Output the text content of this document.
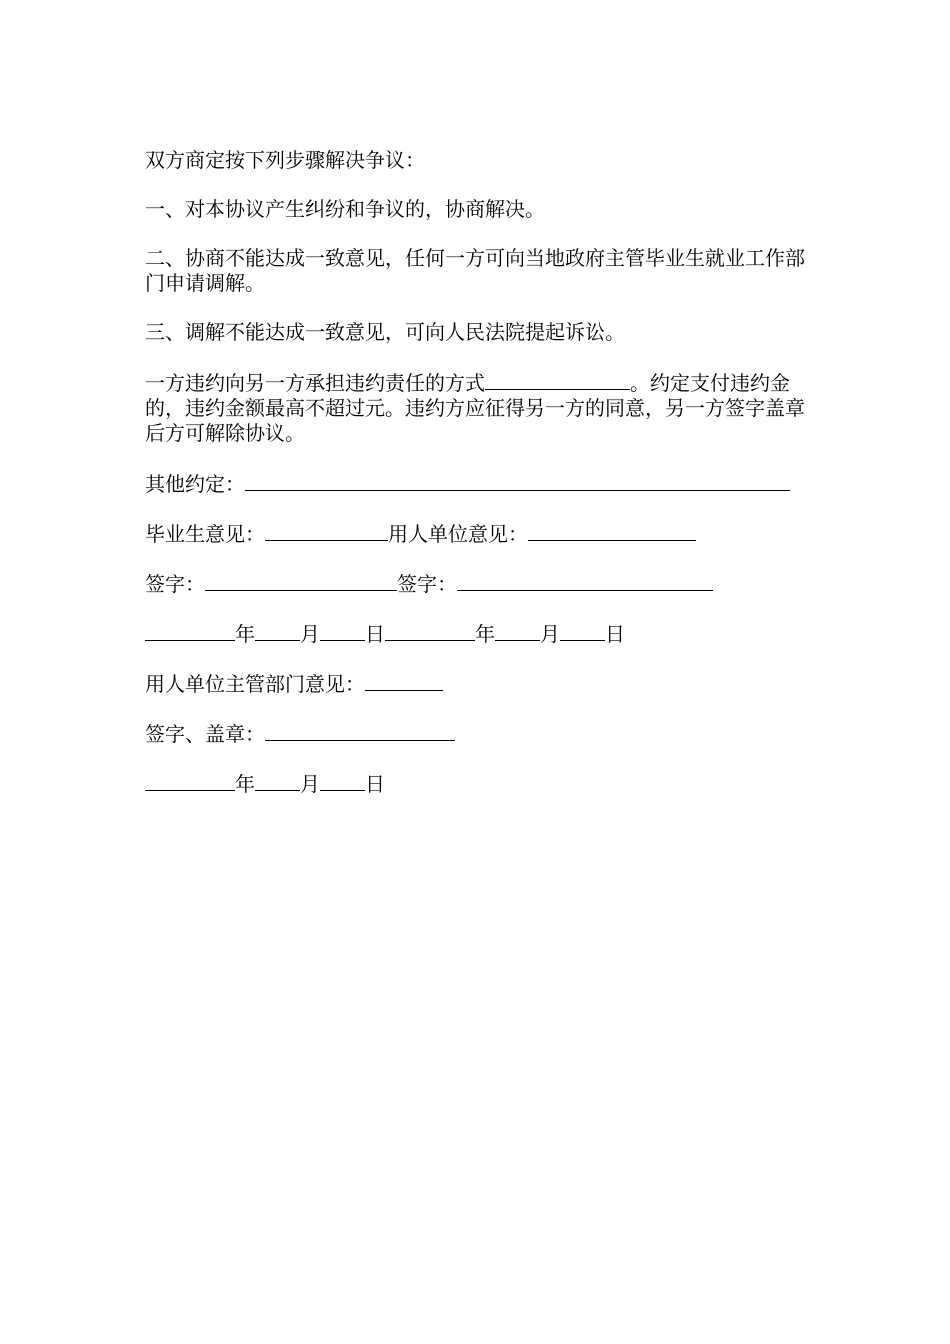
双方商定按下列步骤解决争议：

一、对本协议产生纠纷和争议的，协商解决。

二、协商不能达成一致意见，任何一方可向当地政府主管毕业生就业工作部门申请调解。

三、调解不能达成一致意见，可向人民法院提起诉讼。

一方违约向另一方承担违约责任的方式	。约定支付违约金的，违约金额最高不超过元。违约方应征得另一方的同意，另一方签字盖章后方可解除协议。

其他约定：
毕业生意见：	用人单位意见：
签字：	签字：
年 月 日	年 月 日
用人单位主管部门意见：
签字、盖章：
年 月 日
